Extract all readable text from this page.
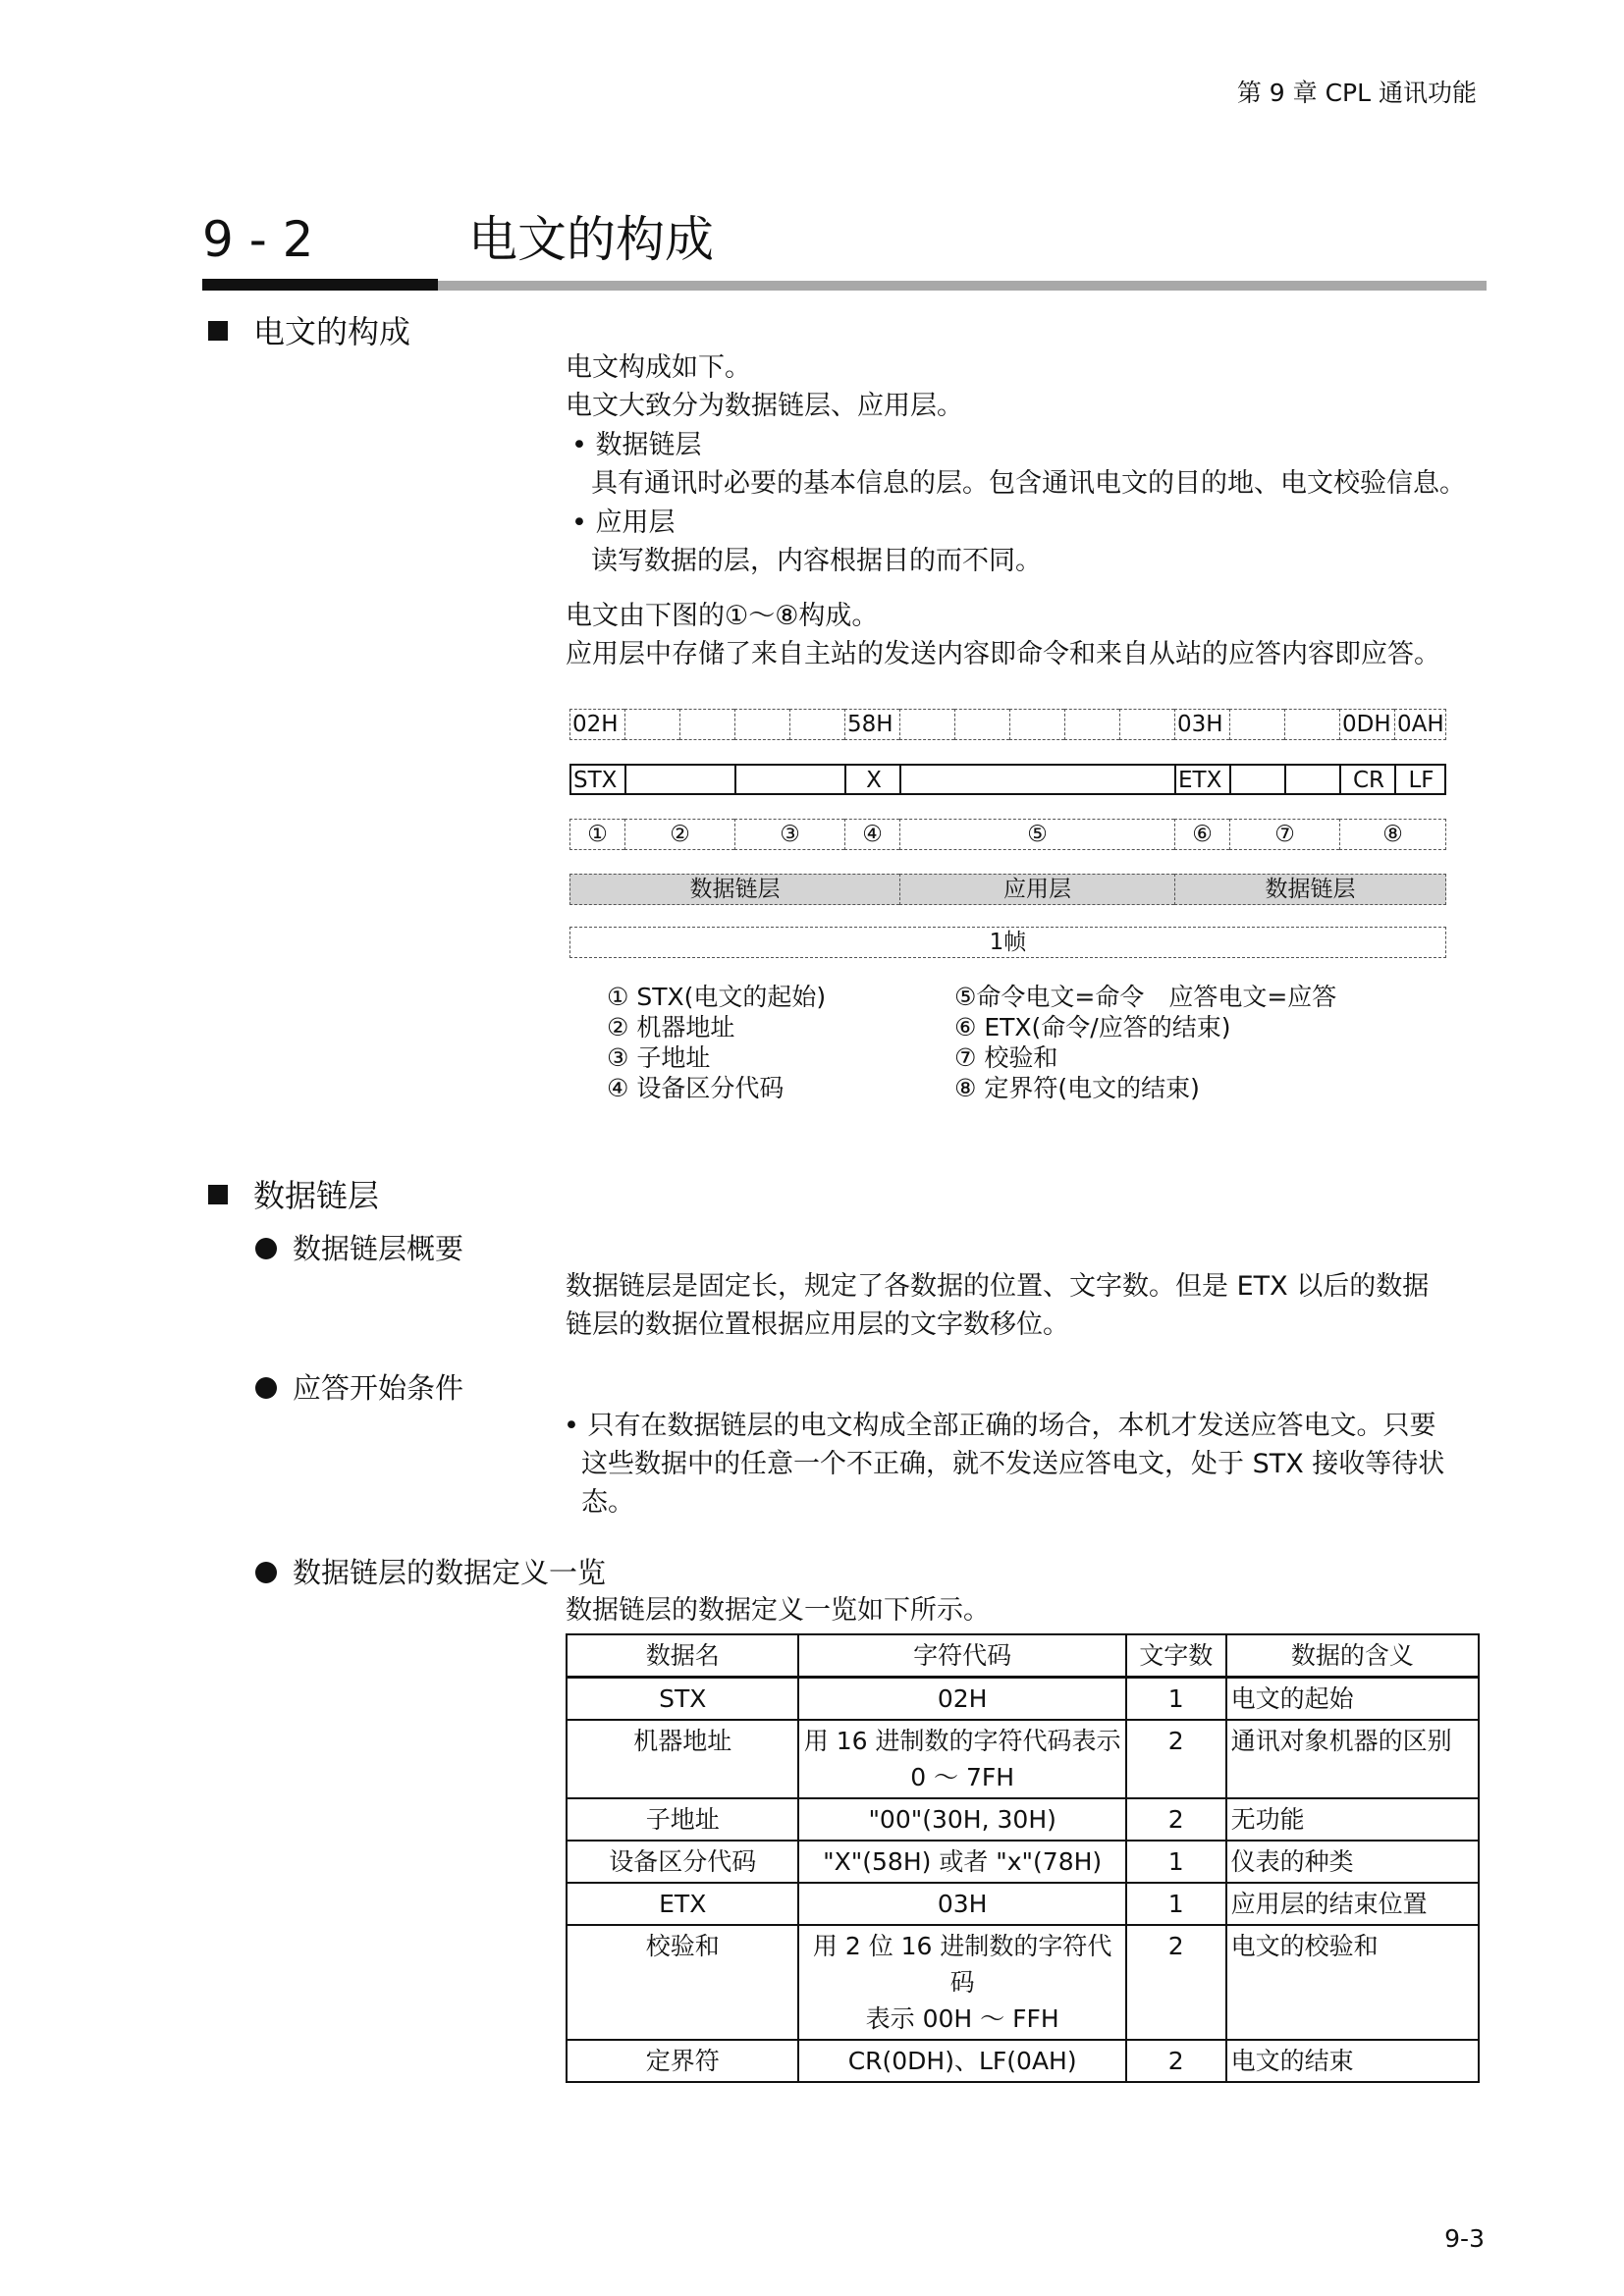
第 9 章 CPL 通讯功能
9 - 2	电文的构成
电文的构成
电文构成如下。
电文大致分为数据链层、应用层。
• 数据链层
具有通讯时必要的基本信息的层。包含通讯电文的目的地、电文校验信息。
• 应用层
读写数据的层，内容根据目的而不同。
电文由下图的①～⑧构成。
应用层中存储了来自主站的发送内容即命令和来自从站的应答内容即应答。
02H	58H	03H	0DH 0AH
STX	X	ETX	CR	LF
①	②	③	④	⑤	⑥	⑦	⑧
数据链层	应用层	数据链层
1帧
① STX(电文的起始)
② 机器地址
③ 子地址
④ 设备区分代码
⑤命令电文=命令　应答电文=应答
⑥ ETX(命令/应答的结束)
⑦ 校验和
⑧ 定界符(电文的结束)
数据链层
数据链层概要
数据链层是固定长，规定了各数据的位置、文字数。但是 ETX 以后的数据
链层的数据位置根据应用层的文字数移位。
应答开始条件
• 只有在数据链层的电文构成全部正确的场合，本机才发送应答电文。只要
这些数据中的任意一个不正确，就不发送应答电文，处于 STX 接收等待状
态。
数据链层的数据定义一览
数据链层的数据定义一览如下所示。
数据名	字符代码	文字数	数据的含义
STX	02H	1	电文的起始
机器地址	用 16 进制数的字符代码表示
0 ～ 7FH	2	通讯对象机器的区别
子地址	"00"(30H, 30H)	2	无功能
设备区分代码	"X"(58H) 或者 "x"(78H)	1	仪表的种类
ETX	03H	1	应用层的结束位置
校验和	用 2 位 16 进制数的字符代码
表示 00H ～ FFH	2	电文的校验和
定界符	CR(0DH)、LF(0AH)	2	电文的结束
9-3
